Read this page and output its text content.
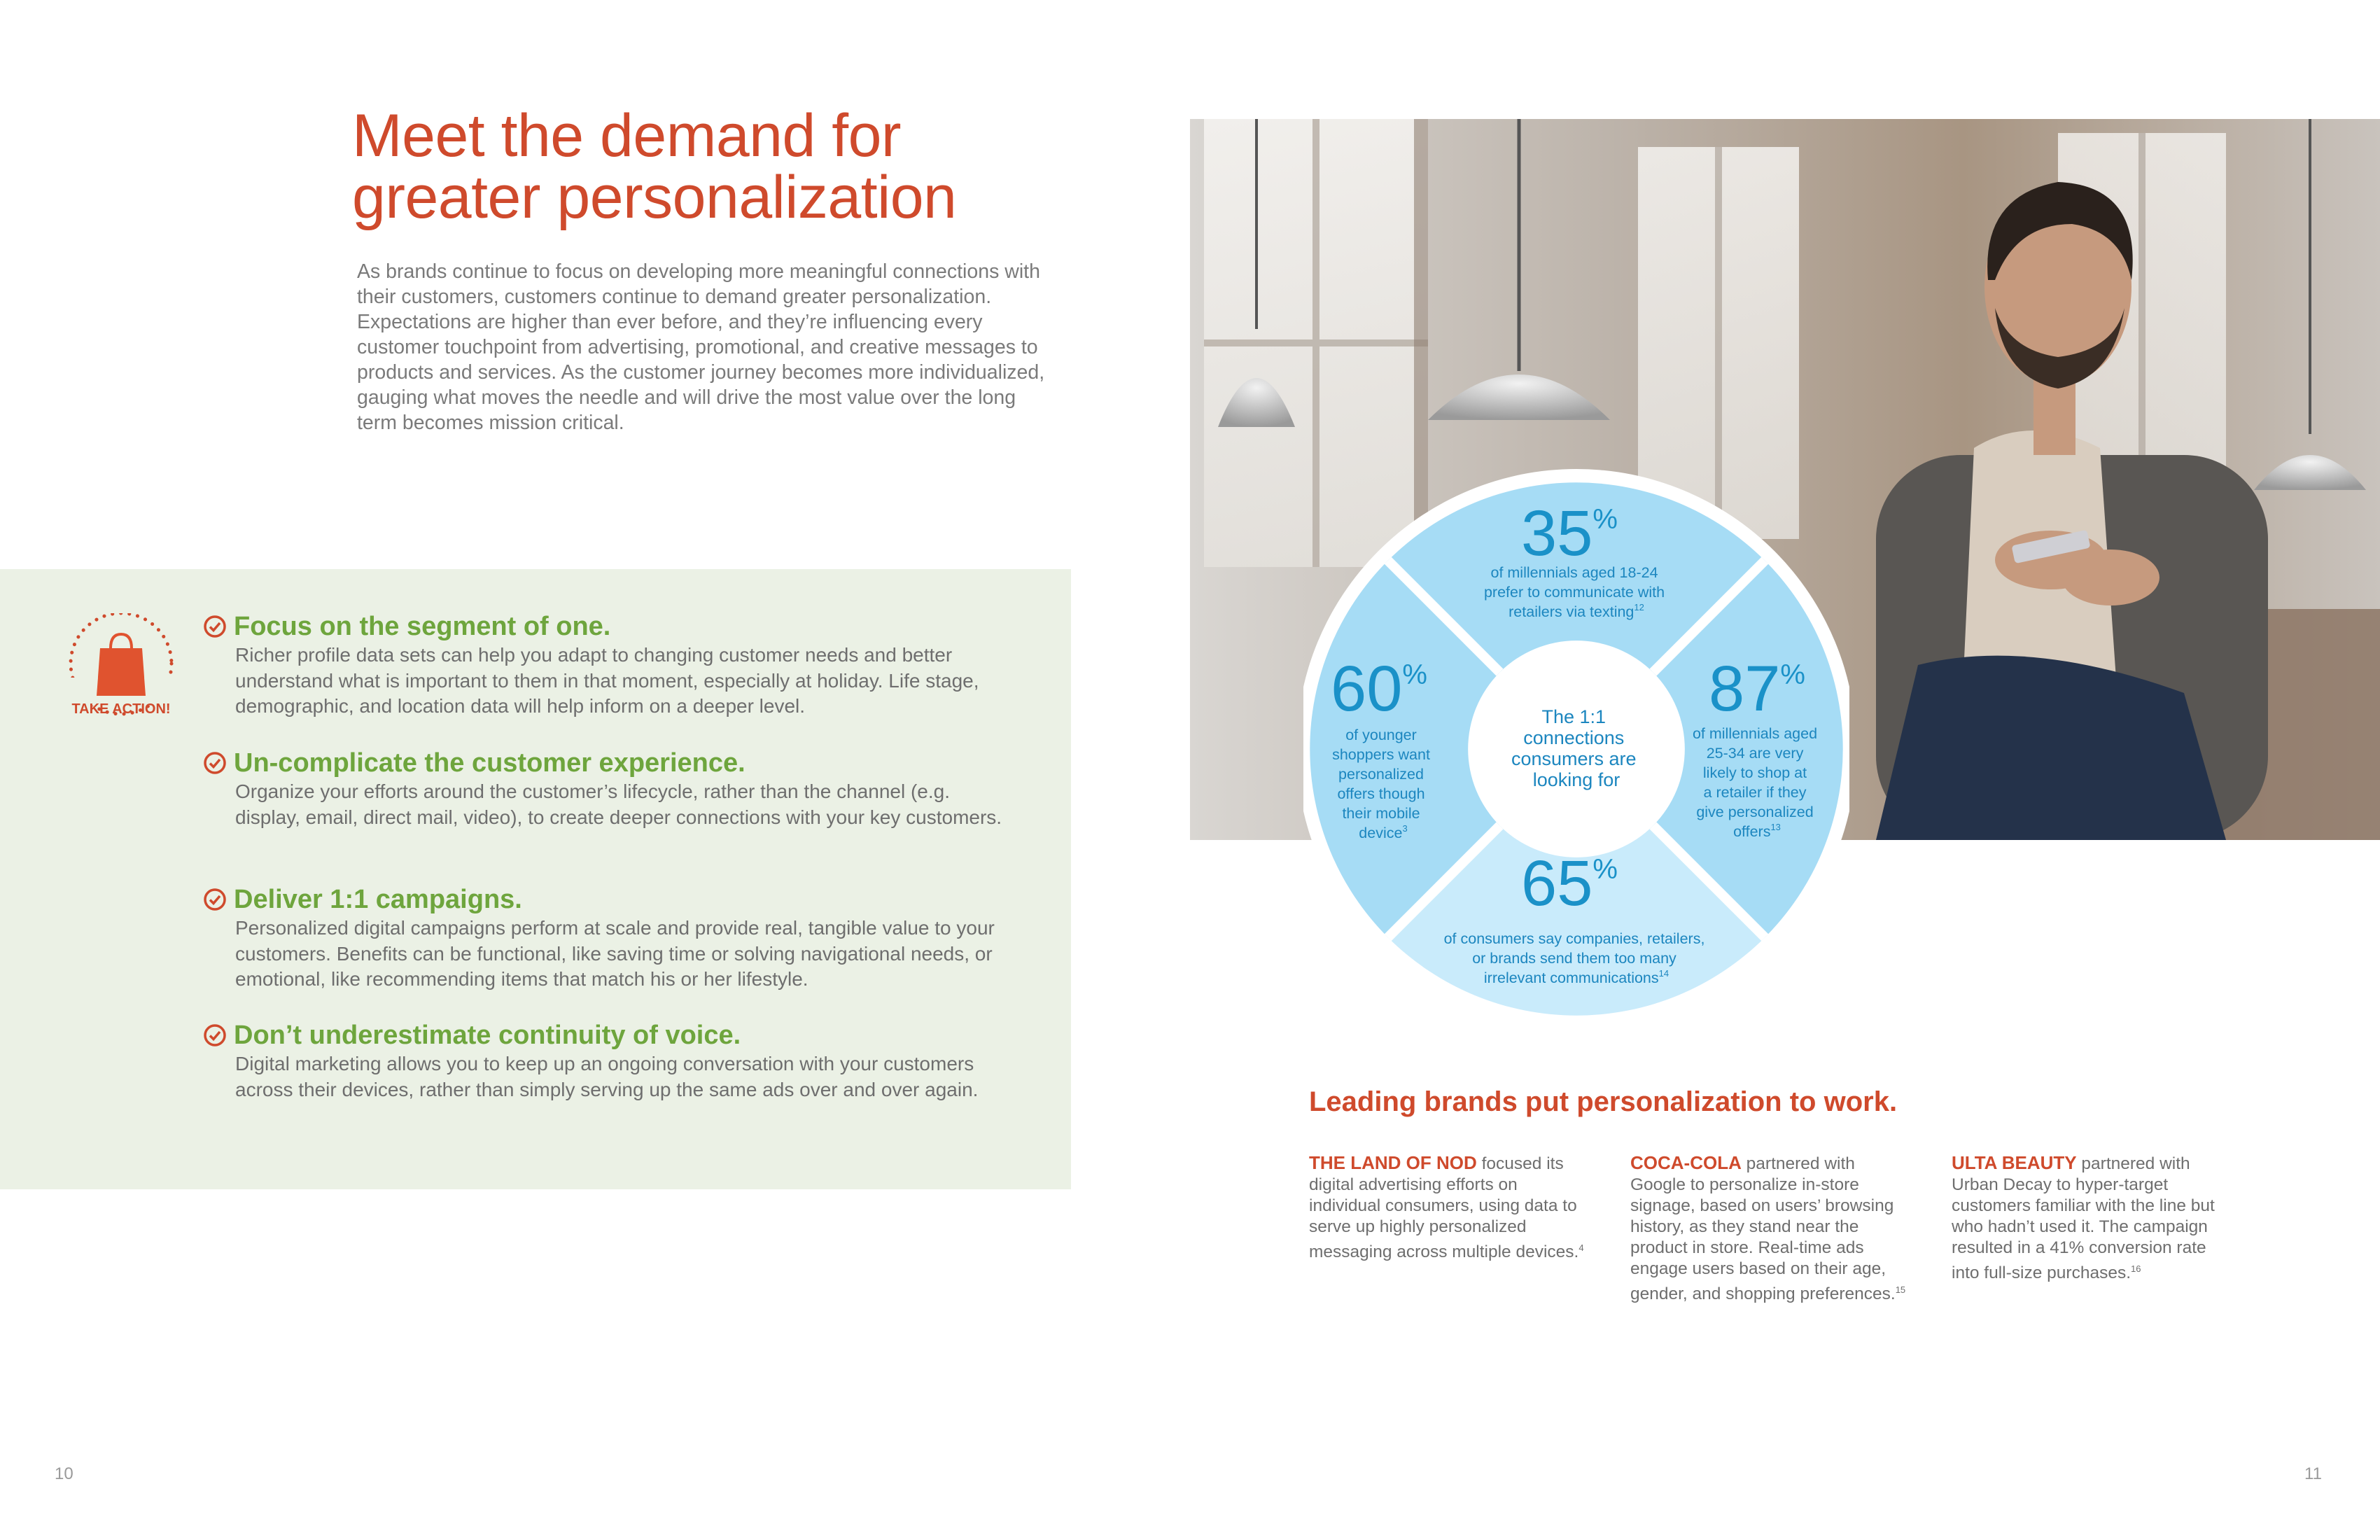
Meet the demand for
greater personalization

As brands continue to focus on developing more meaningful connections with their customers, customers continue to demand greater personalization. Expectations are higher than ever before, and they’re influencing every customer touchpoint from advertising, promotional, and creative messages to products and services. As the customer journey becomes more individualized, gauging what moves the needle and will drive the most value over the long term becomes mission critical.

TAKE ACTION!
Focus on the segment of one.
Richer profile data sets can help you adapt to changing customer needs and better understand what is important to them in that moment, especially at holiday. Life stage, demographic, and location data will help inform on a deeper level.
Un-complicate the customer experience.
Organize your efforts around the customer’s lifecycle, rather than the channel (e.g. display, email, direct mail, video), to create deeper connections with your key customers.
Deliver 1:1 campaigns.
Personalized digital campaigns perform at scale and provide real, tangible value to your customers. Benefits can be functional, like saving time or solving navigational needs, or emotional, like recommending items that match his or her lifestyle.
Don’t underestimate continuity of voice.
Digital marketing allows you to keep up an ongoing conversation with your customers across their devices, rather than simply serving up the same ads over and over again.
The 1:1 connections consumers are looking for
35%
of millennials aged 18-24 prefer to communicate with retailers via texting$^{12}$
60%
of younger shoppers want personalized offers though their mobile device$^3$
87%
of millennials aged 25-34 are very likely to shop at a retailer if they give personalized offers$^{13}$
65%
of consumers say companies, retailers, or brands send them too many irrelevant communications$^{14}$
Leading brands put personalization to work.
THE LAND OF NOD focused its digital advertising efforts on individual consumers, using data to serve up highly personalized messaging across multiple devices.$^4$
COCA-COLA partnered with Google to personalize in-store signage, based on users’ browsing history, as they stand near the product in store. Real-time ads engage users based on their age, gender, and shopping preferences.$^{15}$
ULTA BEAUTY partnered with Urban Decay to hyper-target customers familiar with the line but who hadn’t used it. The campaign resulted in a 41% conversion rate into full-size purchases.$^{16}$
10	11
